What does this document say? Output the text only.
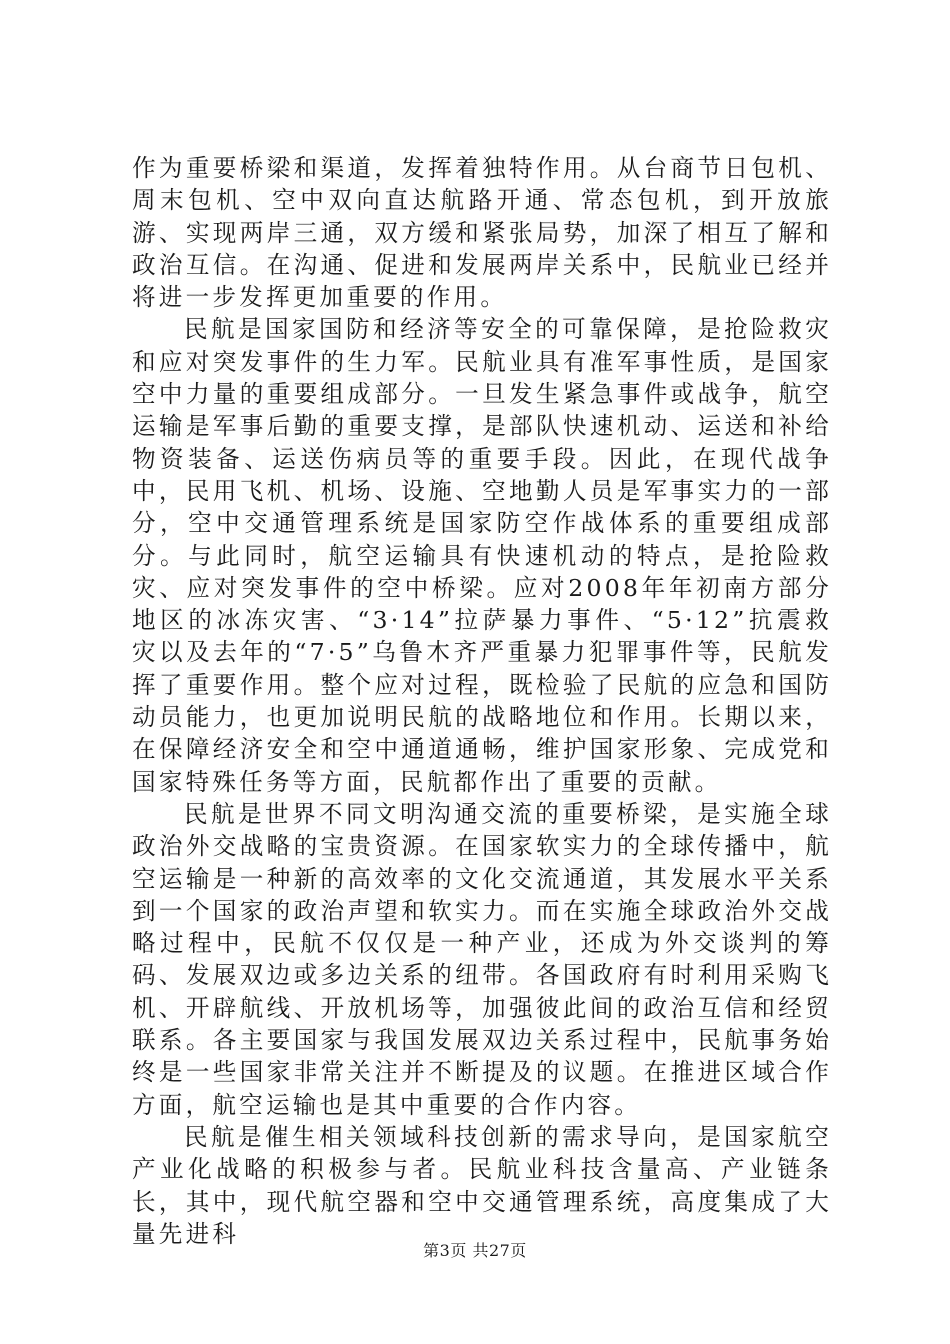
作为重要桥梁和渠道，发挥着独特作用。从台商节日包机、周末包机、空中双向直达航路开通、常态包机，到开放旅游、实现两岸三通，双方缓和紧张局势，加深了相互了解和政治互信。在沟通、促进和发展两岸关系中，民航业已经并将进一步发挥更加重要的作用。

民航是国家国防和经济等安全的可靠保障，是抢险救灾和应对突发事件的生力军。民航业具有准军事性质，是国家空中力量的重要组成部分。一旦发生紧急事件或战争，航空运输是军事后勤的重要支撑，是部队快速机动、运送和补给物资装备、运送伤病员等的重要手段。因此，在现代战争中，民用飞机、机场、设施、空地勤人员是军事实力的一部分，空中交通管理系统是国家防空作战体系的重要组成部分。与此同时，航空运输具有快速机动的特点，是抢险救灾、应对突发事件的空中桥梁。应对2008年年初南方部分地区的冰冻灾害、“3·14”拉萨暴力事件、“5·12”抗震救灾以及去年的“7·5”乌鲁木齐严重暴力犯罪事件等，民航发挥了重要作用。整个应对过程，既检验了民航的应急和国防动员能力，也更加说明民航的战略地位和作用。长期以来，在保障经济安全和空中通道通畅，维护国家形象、完成党和国家特殊任务等方面，民航都作出了重要的贡献。

民航是世界不同文明沟通交流的重要桥梁，是实施全球政治外交战略的宝贵资源。在国家软实力的全球传播中，航空运输是一种新的高效率的文化交流通道，其发展水平关系到一个国家的政治声望和软实力。而在实施全球政治外交战略过程中，民航不仅仅是一种产业，还成为外交谈判的筹码、发展双边或多边关系的纽带。各国政府有时利用采购飞机、开辟航线、开放机场等，加强彼此间的政治互信和经贸联系。各主要国家与我国发展双边关系过程中，民航事务始终是一些国家非常关注并不断提及的议题。在推进区域合作方面，航空运输也是其中重要的合作内容。

民航是催生相关领域科技创新的需求导向，是国家航空产业化战略的积极参与者。民航业科技含量高、产业链条长，其中，现代航空器和空中交通管理系统，高度集成了大量先进科

第3页 共27页
